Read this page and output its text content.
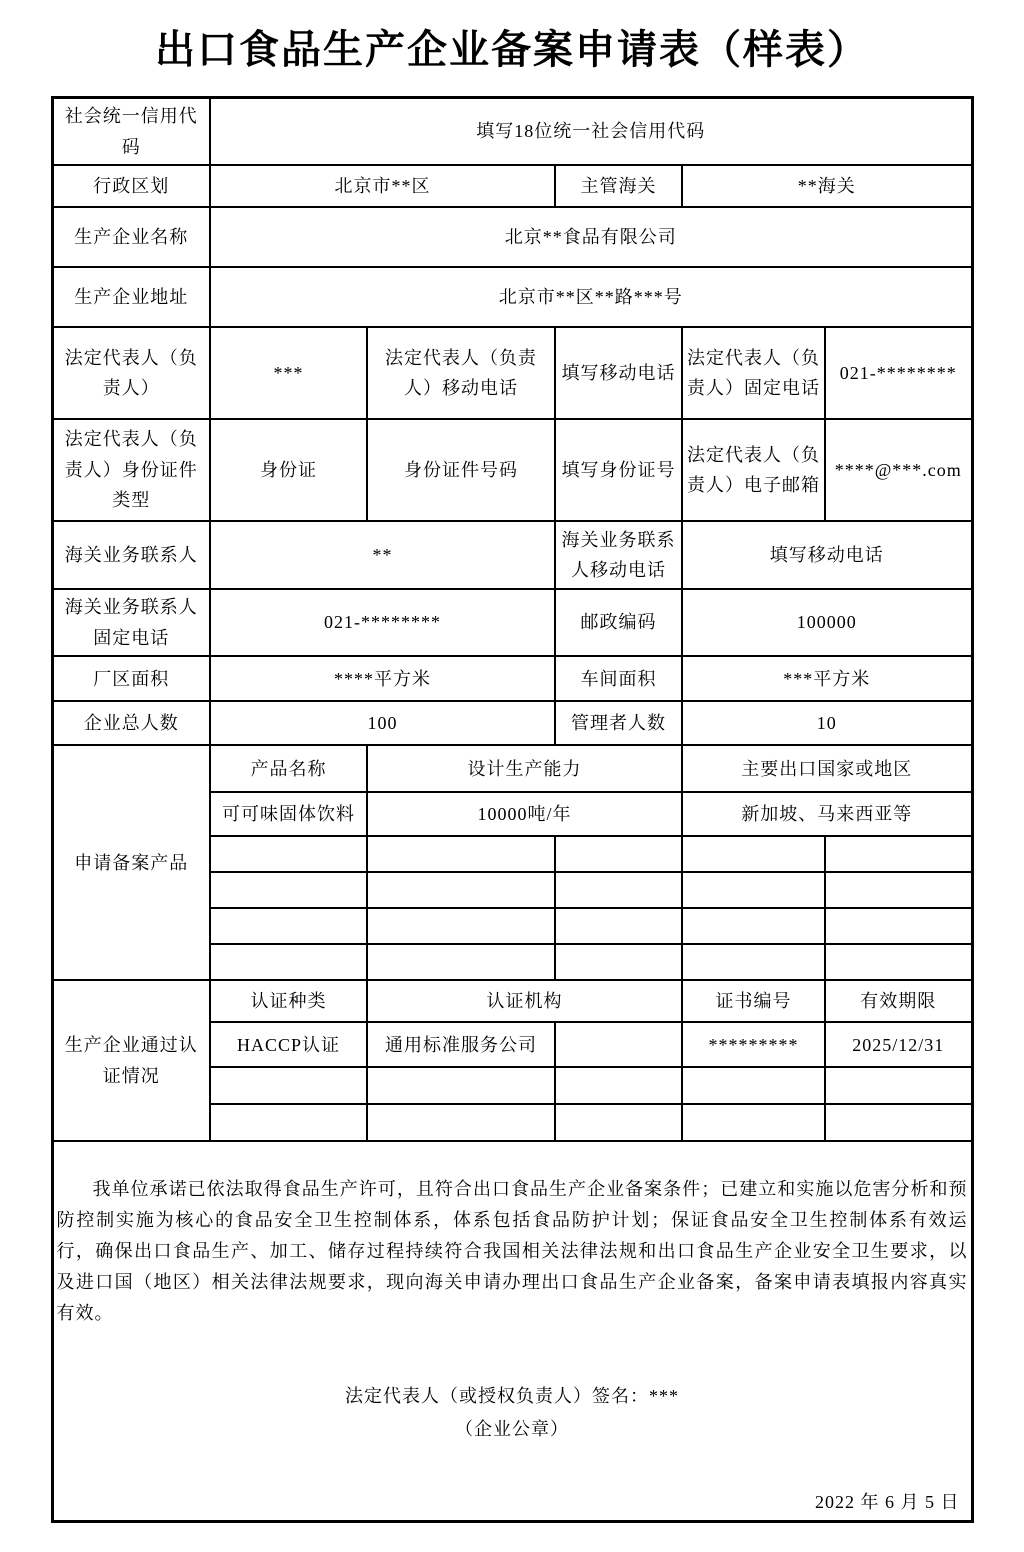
出口食品生产企业备案申请表（样表）
社会统一信用代码	填写18位统一社会信用代码				
行政区划	北京市**区		主管海关	**海关	
生产企业名称	北京**食品有限公司				
生产企业地址	北京市**区**路***号				
法定代表人（负责人）	***	法定代表人（负责人）移动电话	填写移动电话	法定代表人（负责人）固定电话	021-********
法定代表人（负责人）身份证件类型	身份证	身份证件号码	填写身份证号	法定代表人（负责人）电子邮箱	****@***.com
海关业务联系人	**		海关业务联系人移动电话	填写移动电话	
海关业务联系人固定电话	021-********		邮政编码	100000	
厂区面积	****平方米		车间面积	***平方米	
企业总人数	100		管理者人数	10	
申请备案产品	产品名称	设计生产能力		主要出口国家或地区	
	可可味固体饮料	10000吨/年		新加坡、马来西亚等	

生产企业通过认证情况	认证种类	认证机构		证书编号	有效期限
	HACCP认证	通用标准服务公司		*********	2025/12/31

我单位承诺已依法取得食品生产许可，且符合出口食品生产企业备案条件；已建立和实施以危害分析和预防控制实施为核心的食品安全卫生控制体系，体系包括食品防护计划；保证食品安全卫生控制体系有效运行，确保出口食品生产、加工、储存过程持续符合我国相关法律法规和出口食品生产企业安全卫生要求，以及进口国（地区）相关法律法规要求，现向海关申请办理出口食品生产企业备案，备案申请表填报内容真实有效。

法定代表人（或授权负责人）签名：***
（企业公章）
2022 年 6 月 5 日					
